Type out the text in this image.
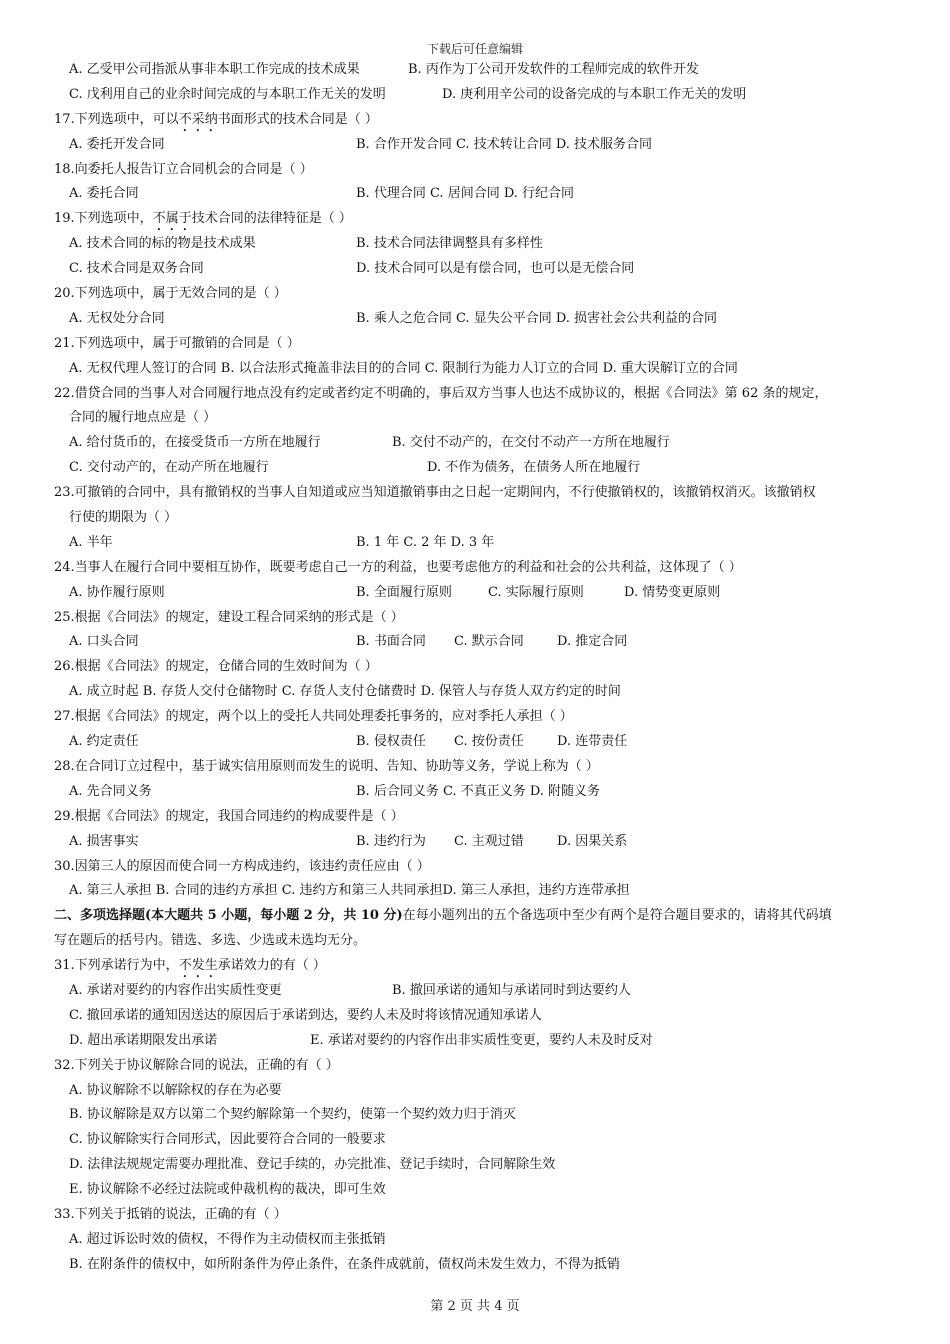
下载后可任意编辑
A. 乙受甲公司指派从事非本职工作完成的技术成果	B. 丙作为丁公司开发软件的工程师完成的软件开发
C. 戊利用自己的业余时间完成的与本职工作无关的发明	D. 庚利用辛公司的设备完成的与本职工作无关的发明
17.下列选项中，可以不采纳书面形式的技术合同是（ ）
A. 委托开发合同	B. 合作开发合同 C. 技术转让合同 D. 技术服务合同
18.向委托人报告订立合同机会的合同是（ ）
A. 委托合同	B. 代理合同 C. 居间合同 D. 行纪合同
19.下列选项中，不属于技术合同的法律特征是（ ）
A. 技术合同的标的物是技术成果	B. 技术合同法律调整具有多样性
C. 技术合同是双务合同	D. 技术合同可以是有偿合同，也可以是无偿合同
20.下列选项中，属于无效合同的是（ ）
A. 无权处分合同	B. 乘人之危合同 C. 显失公平合同 D. 损害社会公共利益的合同
21.下列选项中，属于可撤销的合同是（ ）
A. 无权代理人签订的合同 B. 以合法形式掩盖非法目的的合同 C. 限制行为能力人订立的合同 D. 重大误解订立的合同
22.借贷合同的当事人对合同履行地点没有约定或者约定不明确的，事后双方当事人也达不成协议的，根据《合同法》第 62 条的规定，
合同的履行地点应是（ ）
A. 给付货币的，在接受货币一方所在地履行	B. 交付不动产的，在交付不动产一方所在地履行
C. 交付动产的，在动产所在地履行	D. 不作为债务，在债务人所在地履行
23.可撤销的合同中，具有撤销权的当事人自知道或应当知道撤销事由之日起一定期间内，不行使撤销权的，该撤销权消灭。该撤销权
行使的期限为（ ）
A. 半年	B. 1 年 C. 2 年 D. 3 年
24.当事人在履行合同中要相互协作，既要考虑自己一方的利益，也要考虑他方的利益和社会的公共利益，这体现了（ ）
A. 协作履行原则	B. 全面履行原则	C. 实际履行原则	D. 情势变更原则
25.根据《合同法》的规定，建设工程合同采纳的形式是（ ）
A. 口头合同	B. 书面合同 C. 默示合同	D. 推定合同
26.根据《合同法》的规定，仓储合同的生效时间为（ ）
A. 成立时起 B. 存货人交付仓储物时 C. 存货人支付仓储费时 D. 保管人与存货人双方约定的时间
27.根据《合同法》的规定，两个以上的受托人共同处理委托事务的，应对季托人承担（ ）
A. 约定责任	B. 侵权责任 C. 按份责任	D. 连带责任
28.在合同订立过程中，基于诚实信用原则而发生的说明、告知、协助等义务，学说上称为（ ）
A. 先合同义务	B. 后合同义务 C. 不真正义务 D. 附随义务
29.根据《合同法》的规定，我国合同违约的构成要件是（ ）
A. 损害事实	B. 违约行为 C. 主观过错	D. 因果关系
30.因第三人的原因而使合同一方构成违约，该违约责任应由（ ）
A. 第三人承担 B. 合同的违约方承担 C. 违约方和第三人共同承担D. 第三人承担，违约方连带承担
二、多项选择题(本大题共 5 小题，每小题 2 分，共 10 分)在每小题列出的五个备选项中至少有两个是符合题目要求的，请将其代码填
写在题后的括号内。错选、多选、少选或未选均无分。
31.下列承诺行为中，不发生承诺效力的有（ ）
A. 承诺对要约的内容作出实质性变更	B. 撤回承诺的通知与承诺同时到达要约人
C. 撤回承诺的通知因送达的原因后于承诺到达，要约人未及时将该情况通知承诺人
D. 超出承诺期限发出承诺	E. 承诺对要约的内容作出非实质性变更，要约人未及时反对
32.下列关于协议解除合同的说法，正确的有（ ）
A. 协议解除不以解除权的存在为必要
B. 协议解除是双方以第二个契约解除第一个契约，使第一个契约效力归于消灭
C. 协议解除实行合同形式，因此要符合合同的一般要求
D. 法律法规规定需要办理批准、登记手续的，办完批准、登记手续时，合同解除生效
E. 协议解除不必经过法院或仲裁机构的裁决，即可生效
33.下列关于抵销的说法，正确的有（ ）
A. 超过诉讼时效的债权，不得作为主动债权而主张抵销
B. 在附条件的债权中，如所附条件为停止条件，在条件成就前，债权尚未发生效力，不得为抵销
第 2 页 共 4 页
